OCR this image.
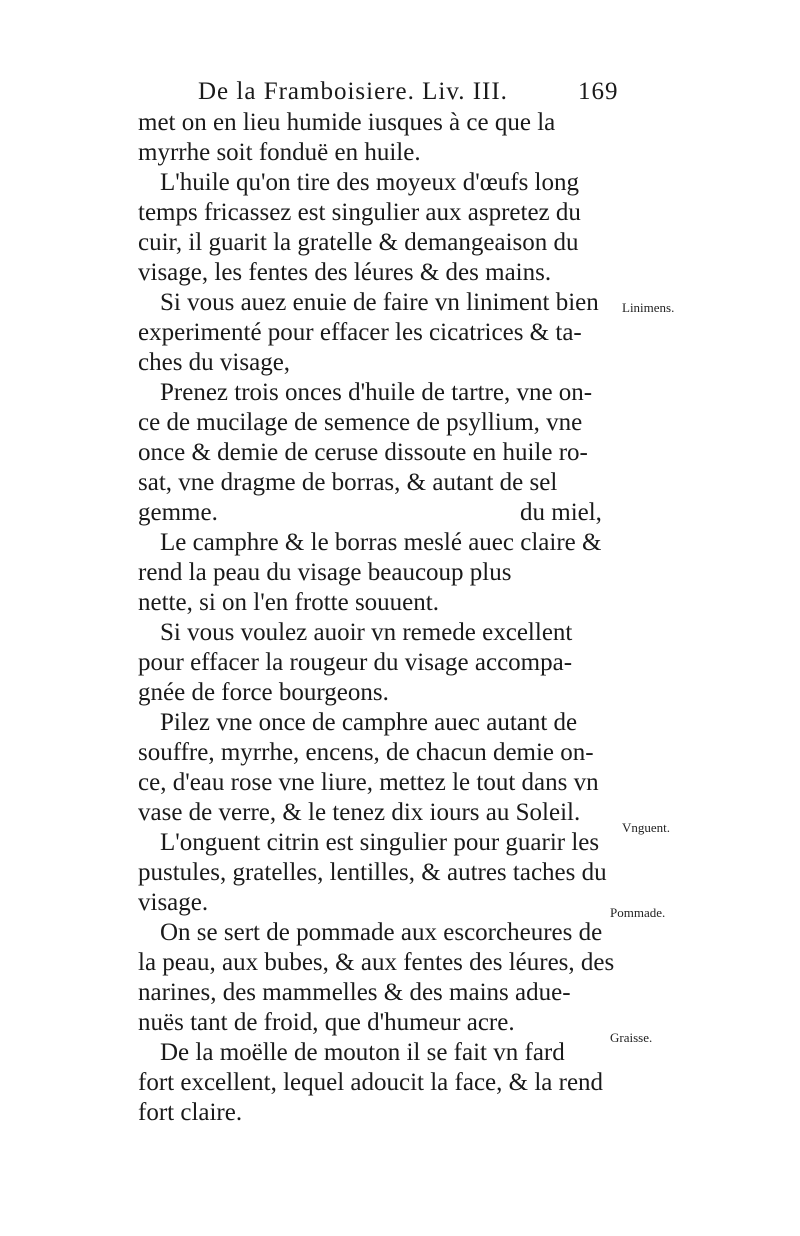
De la Framboisiere. Liv. III.	169
met on en lieu humide iusques à ce que la
myrrhe soit fonduë en huile.
L'huile qu'on tire des moyeux d'œufs long
temps fricassez est singulier aux aspretez du
cuir, il guarit la gratelle & demangeaison du
visage, les fentes des léures & des mains.
Si vous auez enuie de faire vn liniment bien
experimenté pour effacer les cicatrices & ta-
ches du visage,
Prenez trois onces d'huile de tartre, vne on-
ce de mucilage de semence de psyllium, vne
once & demie de ceruse dissoute en huile ro-
sat, vne dragme de borras, & autant de sel
gemme.	du miel,
Le camphre & le borras meslé auec claire &
rend la peau du visage beaucoup plus
nette, si on l'en frotte souuent.
Si vous voulez auoir vn remede excellent
pour effacer la rougeur du visage accompa-
gnée de force bourgeons.
Pilez vne once de camphre auec autant de
souffre, myrrhe, encens, de chacun demie on-
ce, d'eau rose vne liure, mettez le tout dans vn
vase de verre, & le tenez dix iours au Soleil.
L'onguent citrin est singulier pour guarir les
pustules, gratelles, lentilles, & autres taches du
visage.
On se sert de pommade aux escorcheures de
la peau, aux bubes, & aux fentes des léures, des
narines, des mammelles & des mains adue-
nuës tant de froid, que d'humeur acre.
De la moëlle de mouton il se fait vn fard
fort excellent, lequel adoucit la face, & la rend
fort claire.
Linimens.
Vnguent.
Pommade.
Graisse.
